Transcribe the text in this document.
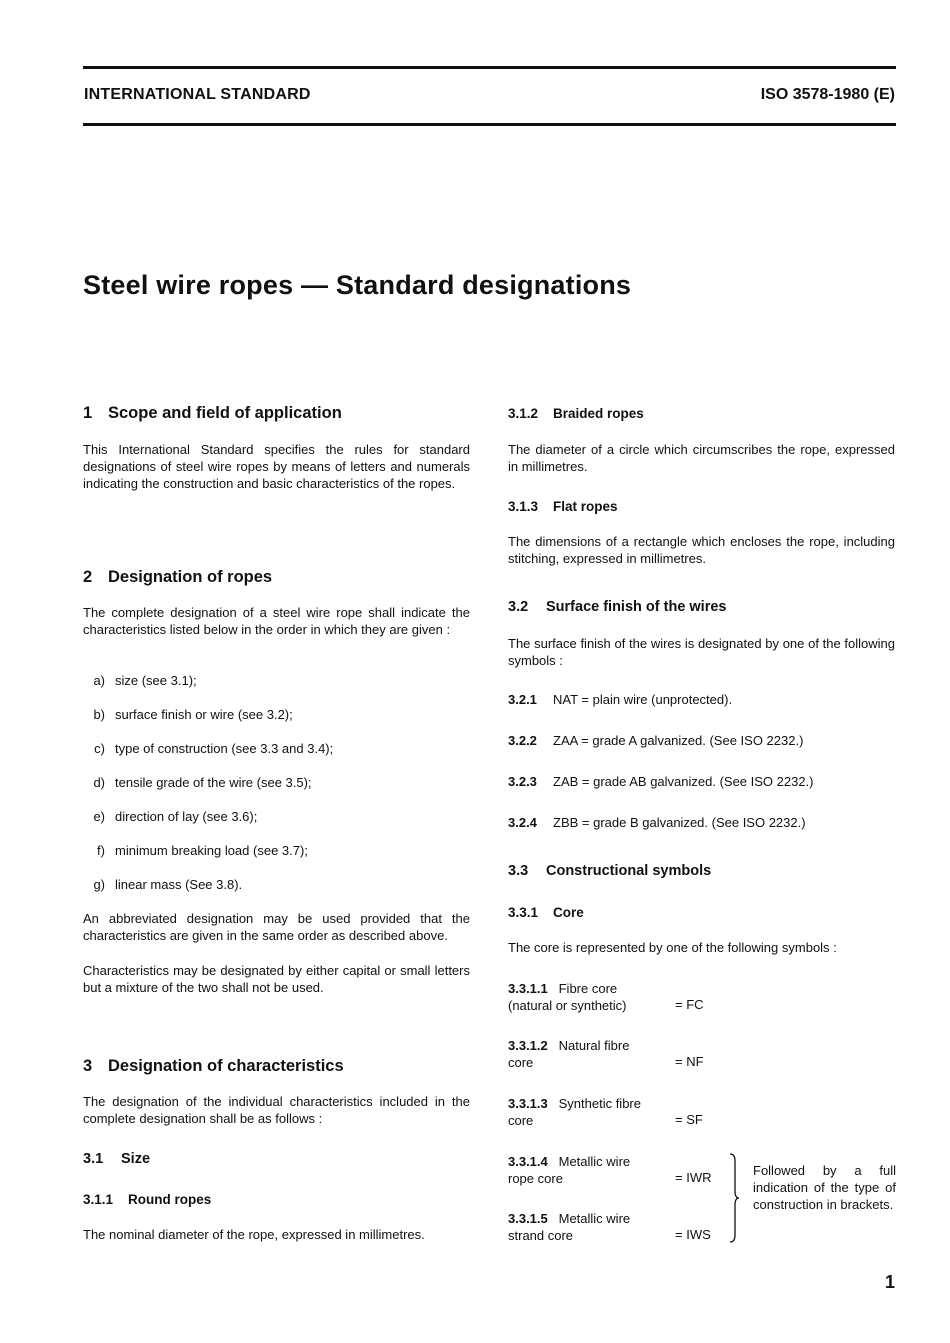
INTERNATIONAL STANDARD	ISO 3578-1980 (E)
Steel wire ropes — Standard designations
1 Scope and field of application
This International Standard specifies the rules for standard designations of steel wire ropes by means of letters and numerals indicating the construction and basic characteristics of the ropes.
2 Designation of ropes
The complete designation of a steel wire rope shall indicate the characteristics listed below in the order in which they are given :
a) size (see 3.1);
b) surface finish or wire (see 3.2);
c) type of construction (see 3.3 and 3.4);
d) tensile grade of the wire (see 3.5);
e) direction of lay (see 3.6);
f) minimum breaking load (see 3.7);
g) linear mass (See 3.8).
An abbreviated designation may be used provided that the characteristics are given in the same order as described above.
Characteristics may be designated by either capital or small letters but a mixture of the two shall not be used.
3 Designation of characteristics
The designation of the individual characteristics included in the complete designation shall be as follows :
3.1 Size
3.1.1 Round ropes
The nominal diameter of the rope, expressed in millimetres.
3.1.2 Braided ropes
The diameter of a circle which circumscribes the rope, expressed in millimetres.
3.1.3 Flat ropes
The dimensions of a rectangle which encloses the rope, including stitching, expressed in millimetres.
3.2 Surface finish of the wires
The surface finish of the wires is designated by one of the following symbols :
3.2.1 NAT = plain wire (unprotected).
3.2.2 ZAA = grade A galvanized. (See ISO 2232.)
3.2.3 ZAB = grade AB galvanized. (See ISO 2232.)
3.2.4 ZBB = grade B galvanized. (See ISO 2232.)
3.3 Constructional symbols
3.3.1 Core
The core is represented by one of the following symbols :
3.3.1.1 Fibre core
(natural or synthetic)	= FC
3.3.1.2 Natural fibre
core	= NF
3.3.1.3 Synthetic fibre
core	= SF
3.3.1.4 Metallic wire
rope core	= IWR
3.3.1.5 Metallic wire
strand core	= IWS
Followed by a full indication of the type of construction in brackets.
1
